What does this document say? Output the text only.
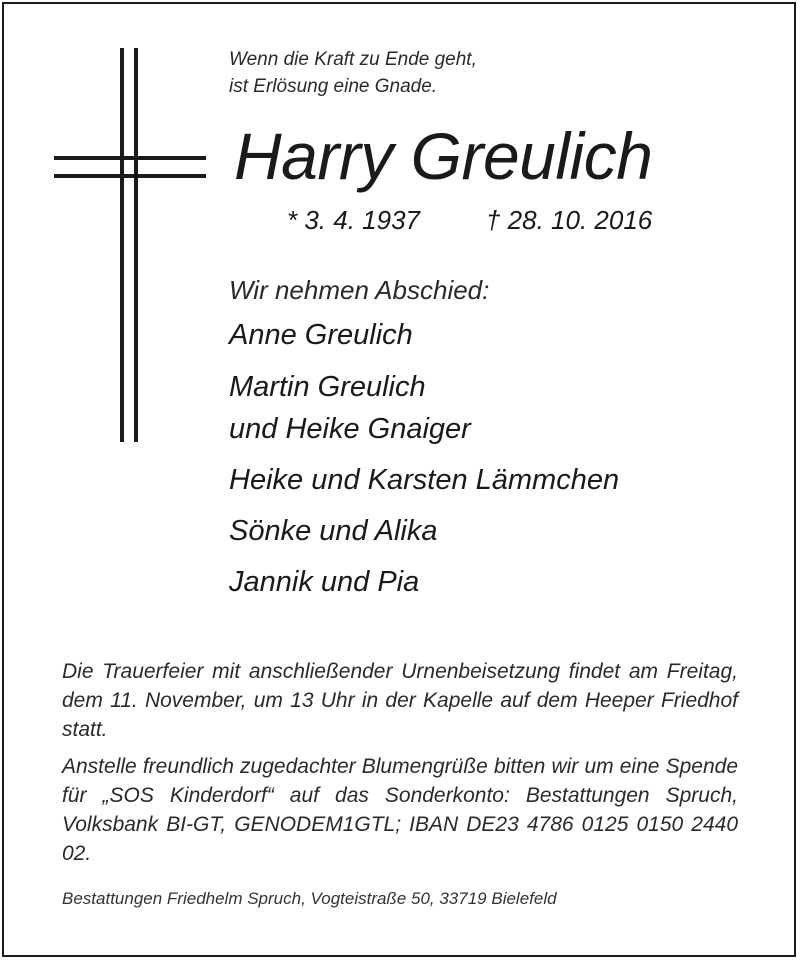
Wenn die Kraft zu Ende geht,
ist Erlösung eine Gnade.
Harry Greulich
* 3. 4. 1937	† 28. 10. 2016
Wir nehmen Abschied:
Anne Greulich
Martin Greulich
und Heike Gnaiger
Heike und Karsten Lämmchen
Sönke und Alika
Jannik und Pia
Die Trauerfeier mit anschließender Urnenbeisetzung findet am Freitag, dem 11. November, um 13 Uhr in der Kapelle auf dem Heeper Friedhof statt.
Anstelle freundlich zugedachter Blumengrüße bitten wir um eine Spende für „SOS Kinderdorf“ auf das Sonderkonto: Bestattungen Spruch, Volksbank BI-GT, GENODEM1GTL; IBAN DE23 4786 0125 0150 2440 02.
Bestattungen Friedhelm Spruch, Vogteistraße 50, 33719 Bielefeld
